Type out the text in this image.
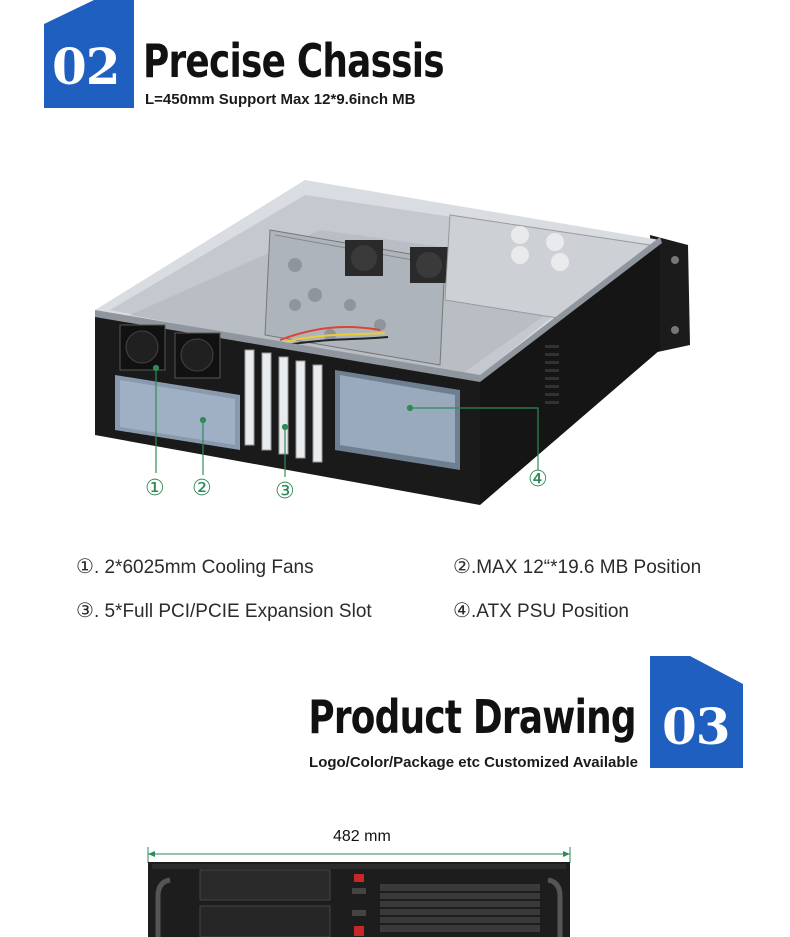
02 Precise Chassis
L=450mm Support Max 12*9.6inch MB
① ②	③	④
①. 2*6025mm Cooling Fans	②.MAX 12“*19.6 MB Position
③. 5*Full PCI/PCIE Expansion Slot	④.ATX PSU Position
Product Drawing
Logo/Color/Package etc Customized Available
03
482 mm
